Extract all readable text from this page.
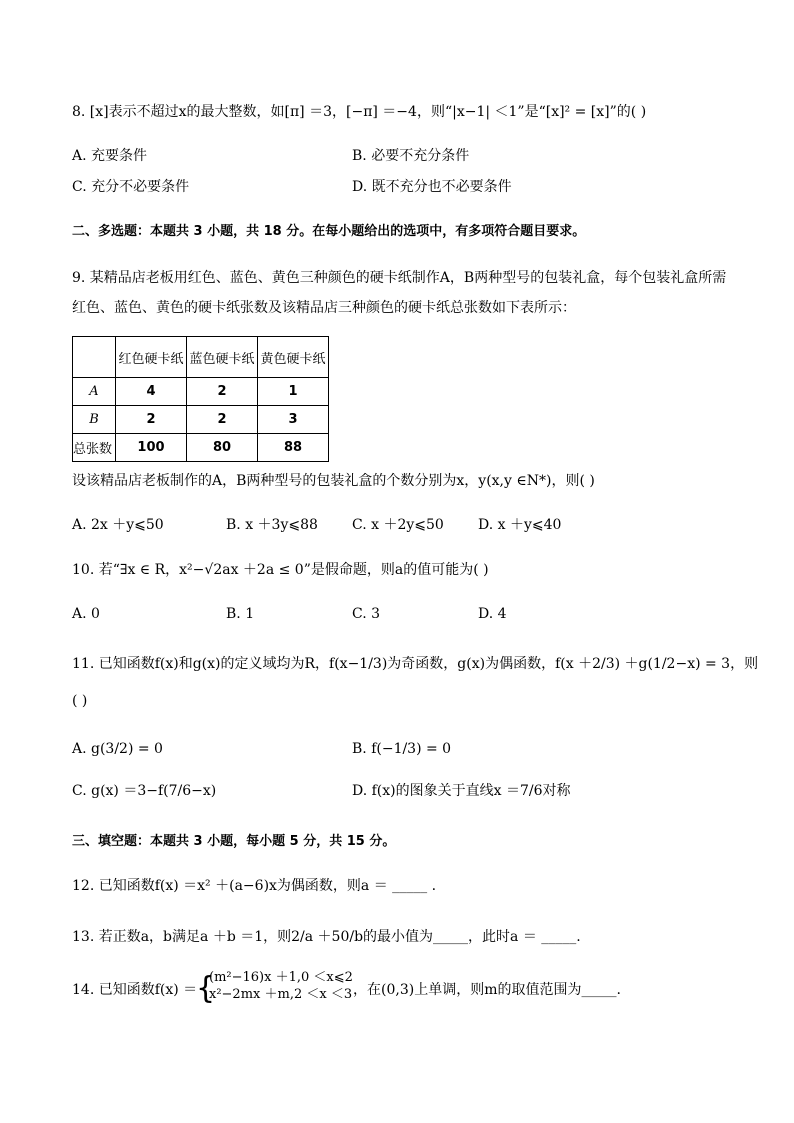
8. [x]表示不超过x的最大整数，如[π] ＝3，[−π] ＝−4，则“|x−1| ＜1”是“[x]² = [x]”的( )
A. 充要条件	B. 必要不充分条件
C. 充分不必要条件	D. 既不充分也不必要条件
二、多选题：本题共 3 小题，共 18 分。在每小题给出的选项中，有多项符合题目要求。
9. 某精品店老板用红色、蓝色、黄色三种颜色的硬卡纸制作A，B两种型号的包装礼盒，每个包装礼盒所需
红色、蓝色、黄色的硬卡纸张数及该精品店三种颜色的硬卡纸总张数如下表所示：
	红色硬卡纸	蓝色硬卡纸	黄色硬卡纸
A	4	2	1
B	2	2	3
总张数	100	80	88
设该精品店老板制作的A，B两种型号的包装礼盒的个数分别为x，y(x,y ∈N*)，则( )
A. 2x ＋y⩽50	B. x ＋3y⩽88 C. x ＋2y⩽50 D. x ＋y⩽40
10. 若“∃x ∈ R，x²−√2ax ＋2a ≤ 0”是假命题，则a的值可能为( )
A. 0	B. 1	C. 3	D. 4
11. 已知函数f(x)和g(x)的定义域均为R，f(x−1/3)为奇函数，g(x)为偶函数，f(x ＋2/3) ＋g(1/2−x) = 3，则
( )
A. g(3/2) = 0	B. f(−1/3) = 0
C. g(x) ＝3−f(7/6−x)	D. f(x)的图象关于直线x ＝7/6对称
三、填空题：本题共 3 小题，每小题 5 分，共 15 分。
12. 已知函数f(x) ＝x² ＋(a−6)x为偶函数，则a ＝ _____ .
13. 若正数a，b满足a ＋b ＝1，则2/a ＋50/b的最小值为_____，此时a ＝ _____.
14. 已知函数f(x) ＝
{
(m²−16)x ＋1,0 ＜x⩽2
x²−2mx ＋m,2 ＜x ＜3 ，在(0,3)上单调，则m的取值范围为_____.
